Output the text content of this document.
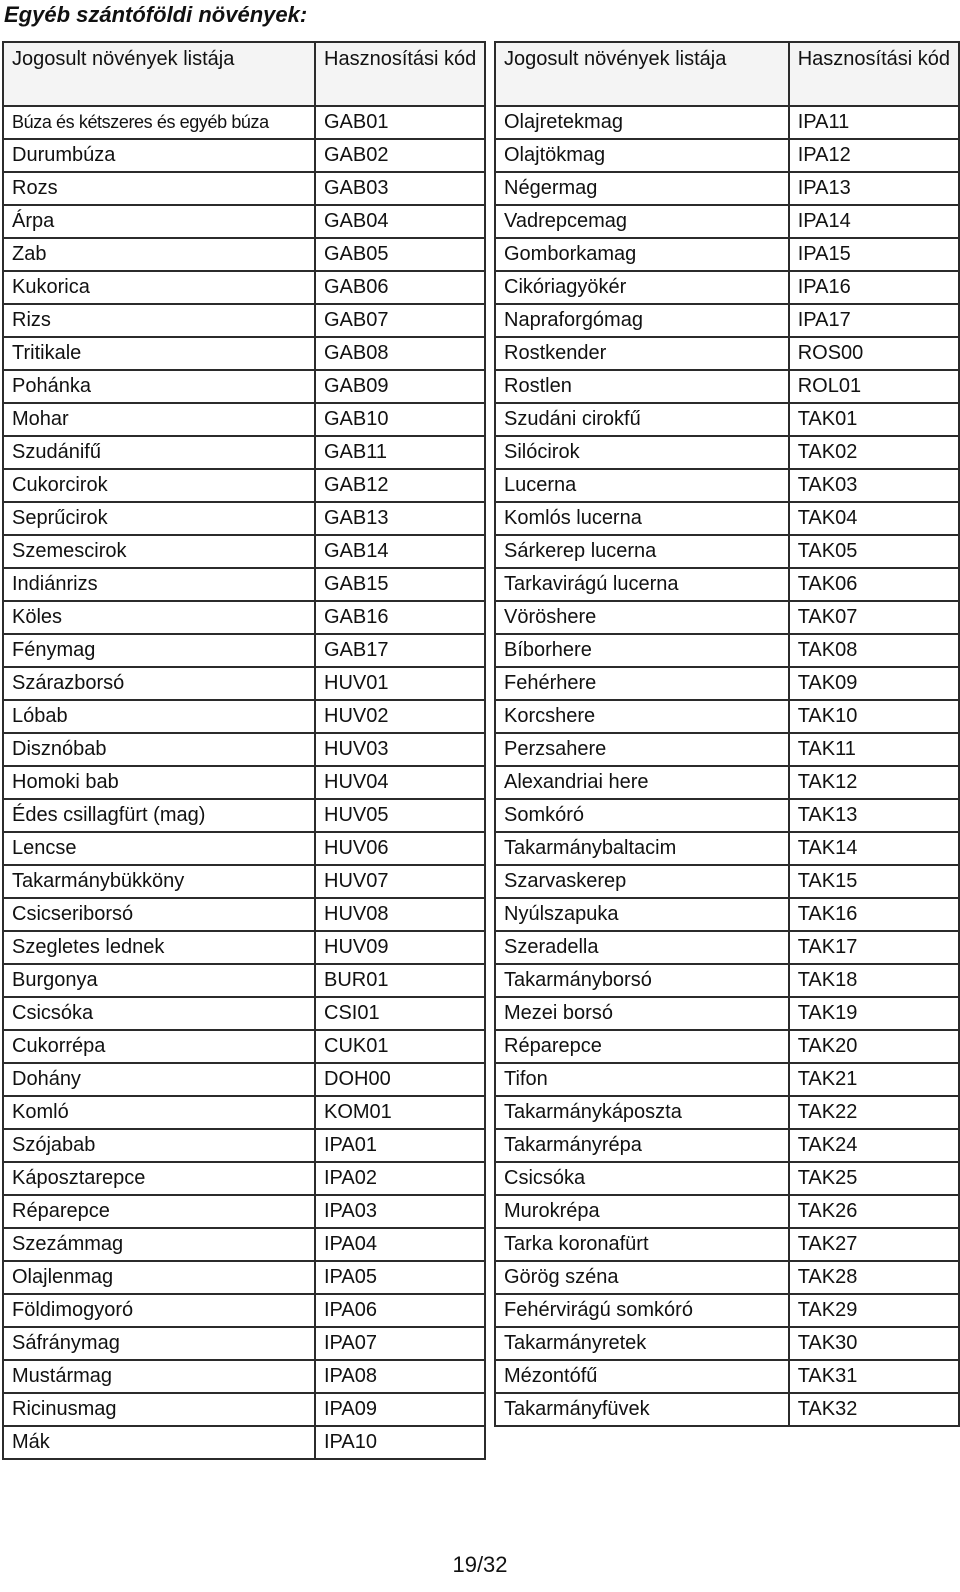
Egyéb szántóföldi növények:
Jogosult növények listája	Hasznosítási kód
Búza és kétszeres és egyéb búza	GAB01
Durumbúza	GAB02
Rozs	GAB03
Árpa	GAB04
Zab	GAB05
Kukorica	GAB06
Rizs	GAB07
Tritikale	GAB08
Pohánka	GAB09
Mohar	GAB10
Szudánifű	GAB11
Cukorcirok	GAB12
Seprűcirok	GAB13
Szemescirok	GAB14
Indiánrizs	GAB15
Köles	GAB16
Fénymag	GAB17
Szárazborsó	HUV01
Lóbab	HUV02
Disznóbab	HUV03
Homoki bab	HUV04
Édes csillagfürt (mag)	HUV05
Lencse	HUV06
Takarmánybükköny	HUV07
Csicseriborsó	HUV08
Szegletes lednek	HUV09
Burgonya	BUR01
Csicsóka	CSI01
Cukorrépa	CUK01
Dohány	DOH00
Komló	KOM01
Szójabab	IPA01
Káposztarepce	IPA02
Réparepce	IPA03
Szezámmag	IPA04
Olajlenmag	IPA05
Földimogyoró	IPA06
Sáfránymag	IPA07
Mustármag	IPA08
Ricinusmag	IPA09
Mák	IPA10
Jogosult növények listája	Hasznosítási kód
Olajretekmag	IPA11
Olajtökmag	IPA12
Négermag	IPA13
Vadrepcemag	IPA14
Gomborkamag	IPA15
Cikóriagyökér	IPA16
Napraforgómag	IPA17
Rostkender	ROS00
Rostlen	ROL01
Szudáni cirokfű	TAK01
Silócirok	TAK02
Lucerna	TAK03
Komlós lucerna	TAK04
Sárkerep lucerna	TAK05
Tarkavirágú lucerna	TAK06
Vöröshere	TAK07
Bíborhere	TAK08
Fehérhere	TAK09
Korcshere	TAK10
Perzsahere	TAK11
Alexandriai here	TAK12
Somkóró	TAK13
Takarmánybaltacim	TAK14
Szarvaskerep	TAK15
Nyúlszapuka	TAK16
Szeradella	TAK17
Takarmányborsó	TAK18
Mezei borsó	TAK19
Réparepce	TAK20
Tifon	TAK21
Takarmánykáposzta	TAK22
Takarmányrépa	TAK24
Csicsóka	TAK25
Murokrépa	TAK26
Tarka koronafürt	TAK27
Görög széna	TAK28
Fehérvirágú somkóró	TAK29
Takarmányretek	TAK30
Mézontófű	TAK31
Takarmányfüvek	TAK32
19/32
